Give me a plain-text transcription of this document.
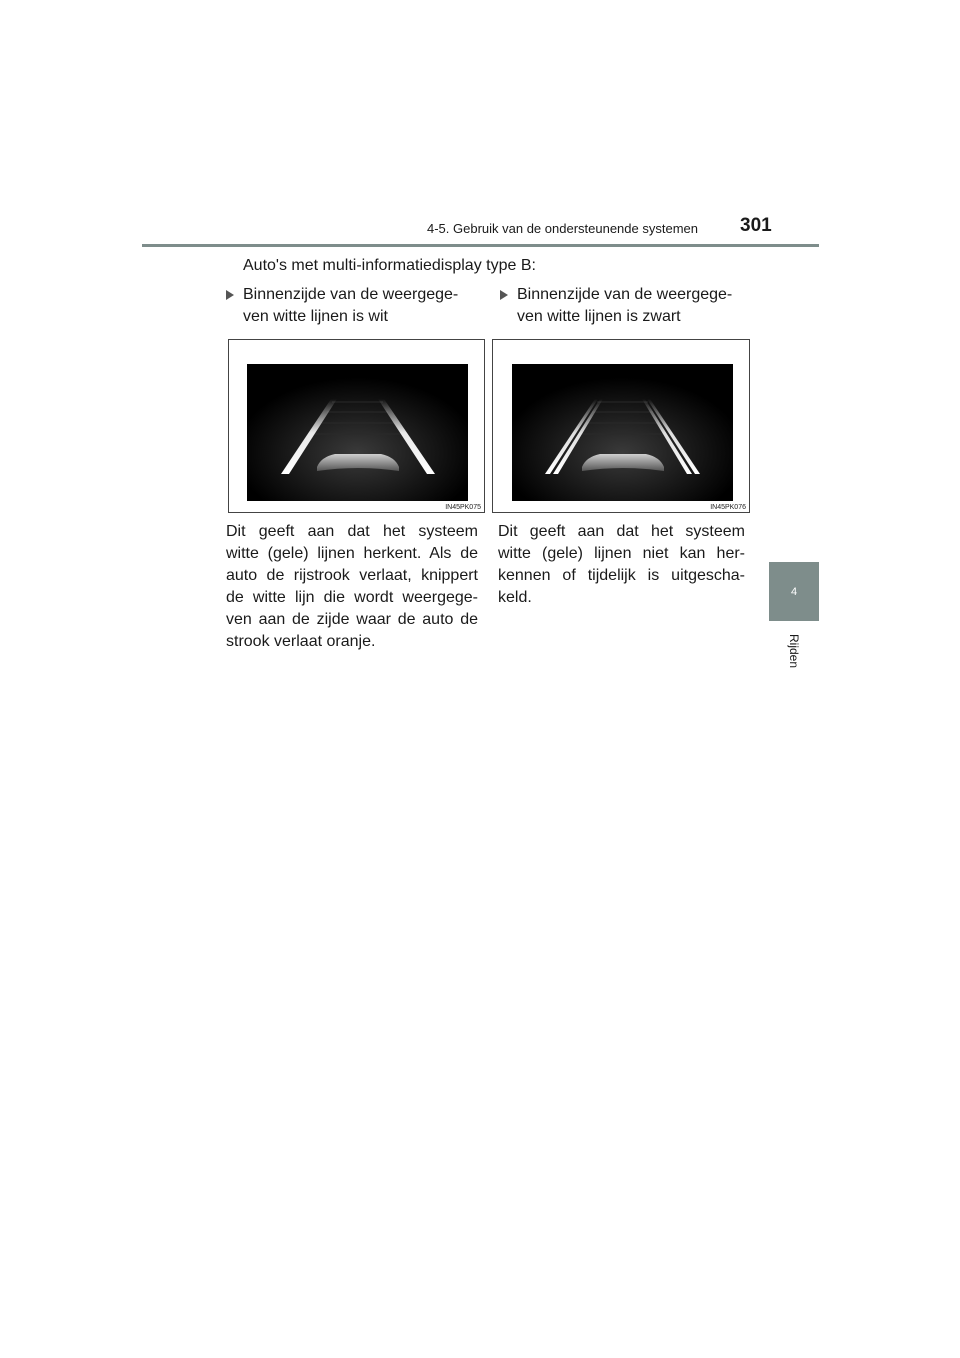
4-5. Gebruik van de ondersteunende systemen 301
4
Rijden
Auto's met multi-informatiedisplay type B:
Binnenzijde van de weergege-
ven witte lijnen is wit
Binnenzijde van de weergege-
ven witte lijnen is zwart
IN45PK075	IN45PK076
Dit geeft aan dat het systeem
witte (gele) lijnen herkent. Als de
auto de rijstrook verlaat, knippert
de witte lijn die wordt weergege-
ven aan de zijde waar de auto de
strook verlaat oranje.
Dit geeft aan dat het systeem
witte (gele) lijnen niet kan her-
kennen of tijdelijk is uitgescha-
keld.
